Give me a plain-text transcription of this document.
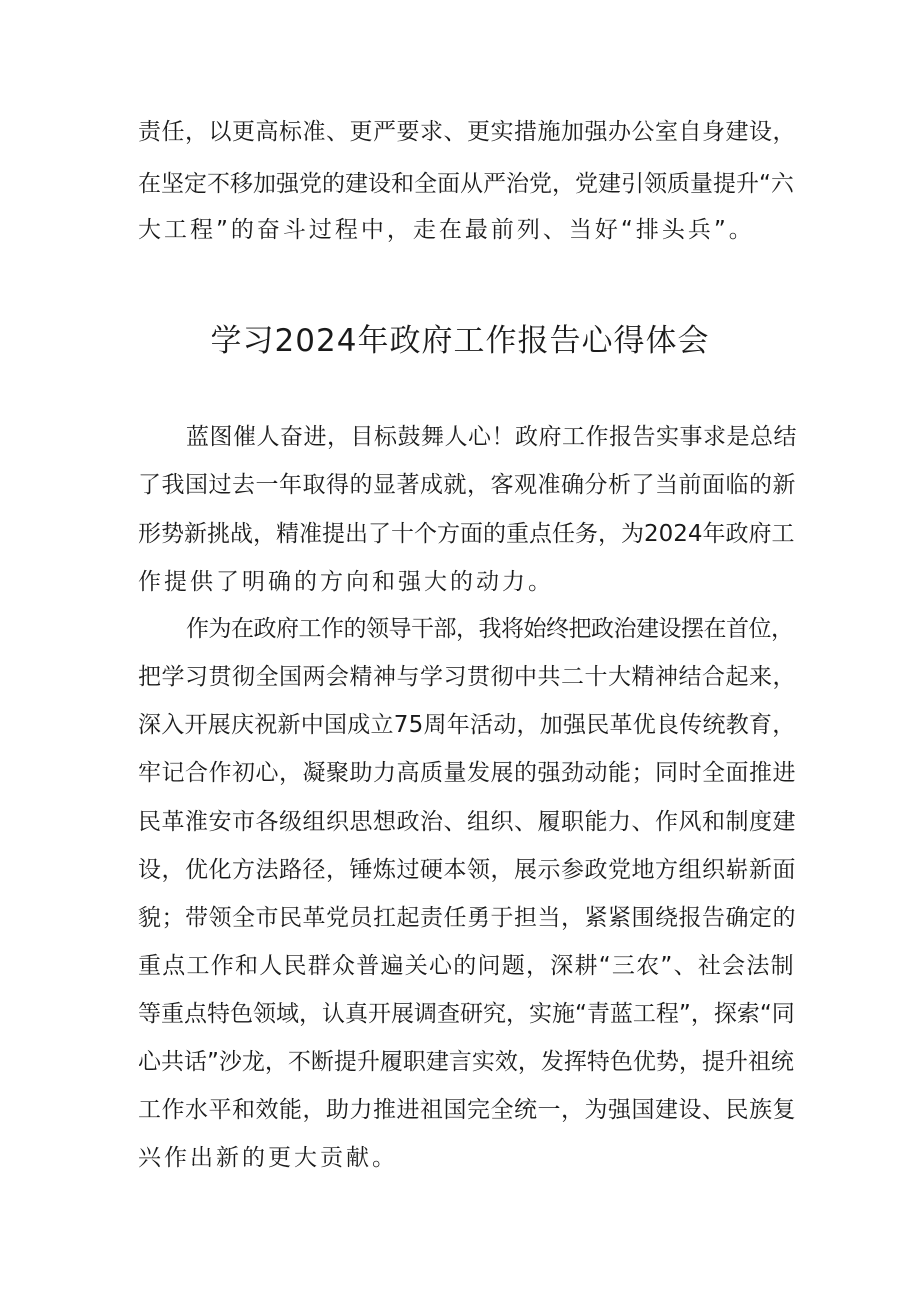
责任，以更高标准、更严要求、更实措施加强办公室自身建设，
在坚定不移加强党的建设和全面从严治党，党建引领质量提升“六
大工程”的奋斗过程中，走在最前列、当好“排头兵”。
学习2024年政府工作报告心得体会
蓝图催人奋进，目标鼓舞人心！政府工作报告实事求是总结
了我国过去一年取得的显著成就，客观准确分析了当前面临的新
形势新挑战，精准提出了十个方面的重点任务，为2024年政府工
作提供了明确的方向和强大的动力。
作为在政府工作的领导干部，我将始终把政治建设摆在首位，
把学习贯彻全国两会精神与学习贯彻中共二十大精神结合起来，
深入开展庆祝新中国成立75周年活动，加强民革优良传统教育，
牢记合作初心，凝聚助力高质量发展的强劲动能；同时全面推进
民革淮安市各级组织思想政治、组织、履职能力、作风和制度建
设，优化方法路径，锤炼过硬本领，展示参政党地方组织崭新面
貌；带领全市民革党员扛起责任勇于担当，紧紧围绕报告确定的
重点工作和人民群众普遍关心的问题，深耕“三农”、社会法制
等重点特色领域，认真开展调查研究，实施“青蓝工程”，探索“同
心共话”沙龙，不断提升履职建言实效，发挥特色优势，提升祖统
工作水平和效能，助力推进祖国完全统一，为强国建设、民族复
兴作出新的更大贡献。
